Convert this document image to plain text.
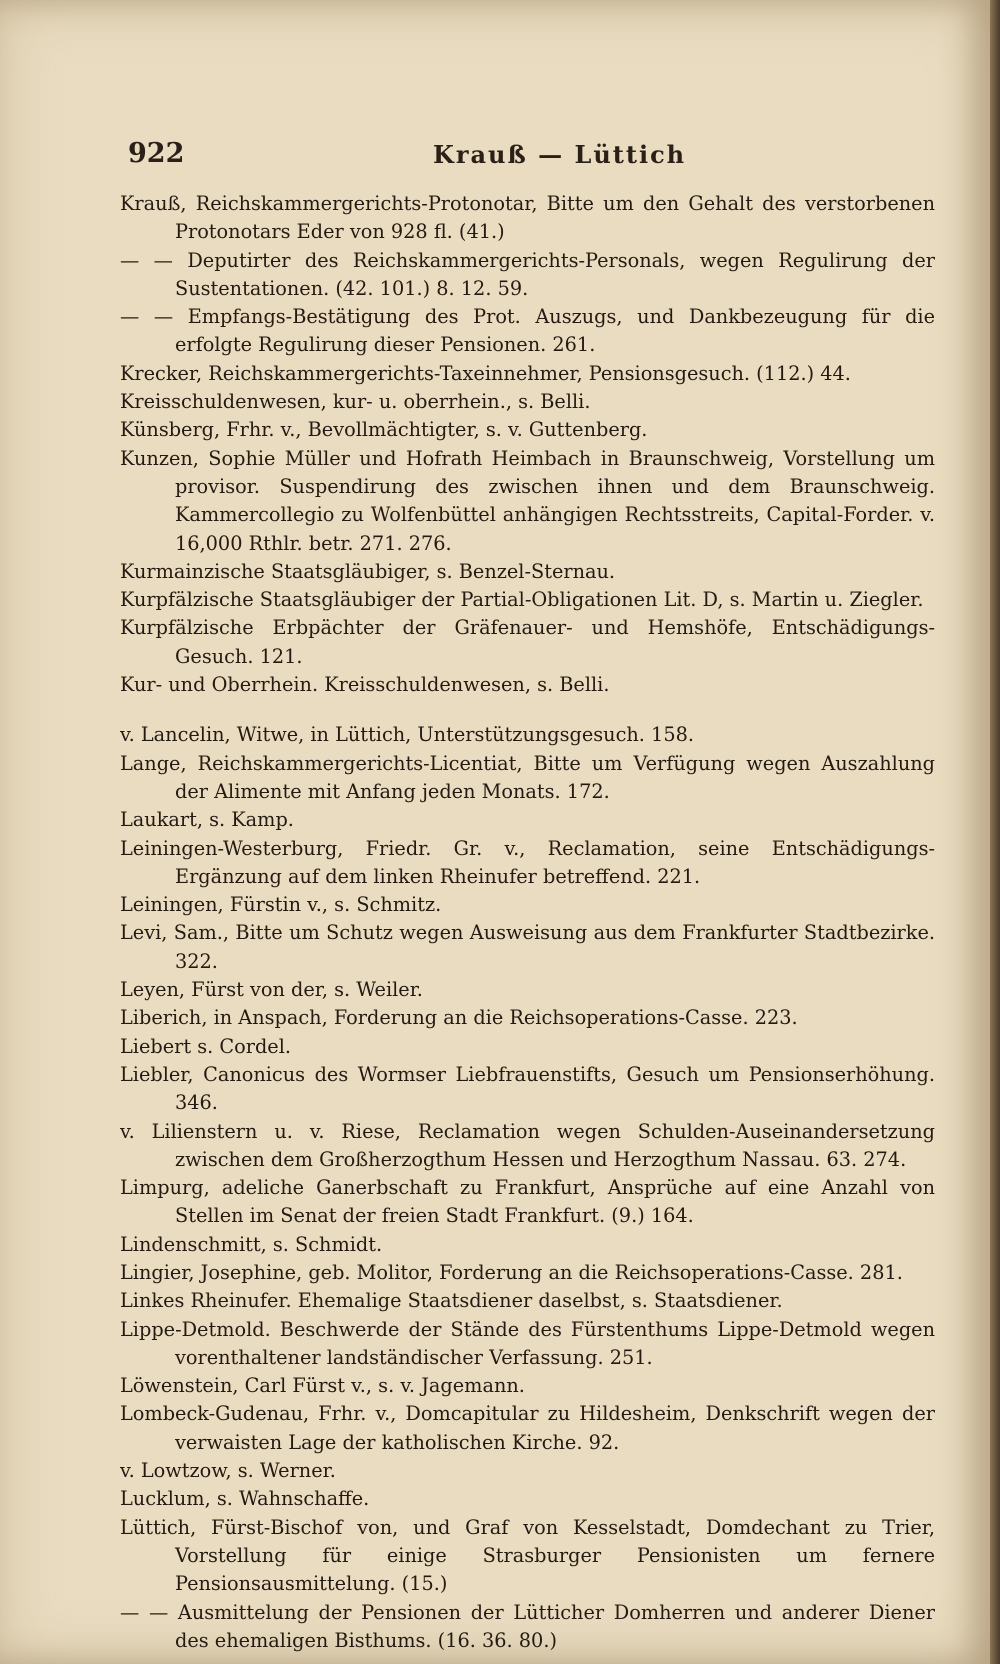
922	Krauß — Lüttich

Krauß, Reichskammergerichts-Protonotar, Bitte um den Gehalt des verstorbenen Protonotars Eder von 928 fl. (41.)

— — Deputirter des Reichskammergerichts-Personals, wegen Regulirung der Sustentationen. (42. 101.) 8. 12. 59.

— — Empfangs-Bestätigung des Prot. Auszugs, und Dankbezeugung für die erfolgte Regulirung dieser Pensionen. 261.

Krecker, Reichskammergerichts-Taxeinnehmer, Pensionsgesuch. (112.) 44.

Kreisschuldenwesen, kur- u. oberrhein., s. Belli.

Künsberg, Frhr. v., Bevollmächtigter, s. v. Guttenberg.

Kunzen, Sophie Müller und Hofrath Heimbach in Braunschweig, Vorstellung um provisor. Suspendirung des zwischen ihnen und dem Braunschweig. Kammercollegio zu Wolfenbüttel anhängigen Rechtsstreits, Capital-Forder. v. 16,000 Rthlr. betr. 271. 276.

Kurmainzische Staatsgläubiger, s. Benzel-Sternau.

Kurpfälzische Staatsgläubiger der Partial-Obligationen Lit. D, s. Martin u. Ziegler.

Kurpfälzische Erbpächter der Gräfenauer- und Hemshöfe, Entschädigungs-Gesuch. 121.

Kur- und Oberrhein. Kreisschuldenwesen, s. Belli.

v. Lancelin, Witwe, in Lüttich, Unterstützungsgesuch. 158.

Lange, Reichskammergerichts-Licentiat, Bitte um Verfügung wegen Auszahlung der Alimente mit Anfang jeden Monats. 172.

Laukart, s. Kamp.

Leiningen-Westerburg, Friedr. Gr. v., Reclamation, seine Entschädigungs-Ergänzung auf dem linken Rheinufer betreffend. 221.

Leiningen, Fürstin v., s. Schmitz.

Levi, Sam., Bitte um Schutz wegen Ausweisung aus dem Frankfurter Stadtbezirke. 322.

Leyen, Fürst von der, s. Weiler.

Liberich, in Anspach, Forderung an die Reichsoperations-Casse. 223.

Liebert s. Cordel.

Liebler, Canonicus des Wormser Liebfrauenstifts, Gesuch um Pensionserhöhung. 346.

v. Lilienstern u. v. Riese, Reclamation wegen Schulden-Auseinandersetzung zwischen dem Großherzogthum Hessen und Herzogthum Nassau. 63. 274.

Limpurg, adeliche Ganerbschaft zu Frankfurt, Ansprüche auf eine Anzahl von Stellen im Senat der freien Stadt Frankfurt. (9.) 164.

Lindenschmitt, s. Schmidt.

Lingier, Josephine, geb. Molitor, Forderung an die Reichsoperations-Casse. 281.

Linkes Rheinufer. Ehemalige Staatsdiener daselbst, s. Staatsdiener.

Lippe-Detmold. Beschwerde der Stände des Fürstenthums Lippe-Detmold wegen vorenthaltener landständischer Verfassung. 251.

Löwenstein, Carl Fürst v., s. v. Jagemann.

Lombeck-Gudenau, Frhr. v., Domcapitular zu Hildesheim, Denkschrift wegen der verwaisten Lage der katholischen Kirche. 92.

v. Lowtzow, s. Werner.

Lucklum, s. Wahnschaffe.

Lüttich, Fürst-Bischof von, und Graf von Kesselstadt, Domdechant zu Trier, Vorstellung für einige Strasburger Pensionisten um fernere Pensionsausmittelung. (15.)

— — Ausmittelung der Pensionen der Lütticher Domherren und anderer Diener des ehemaligen Bisthums. (16. 36. 80.)
